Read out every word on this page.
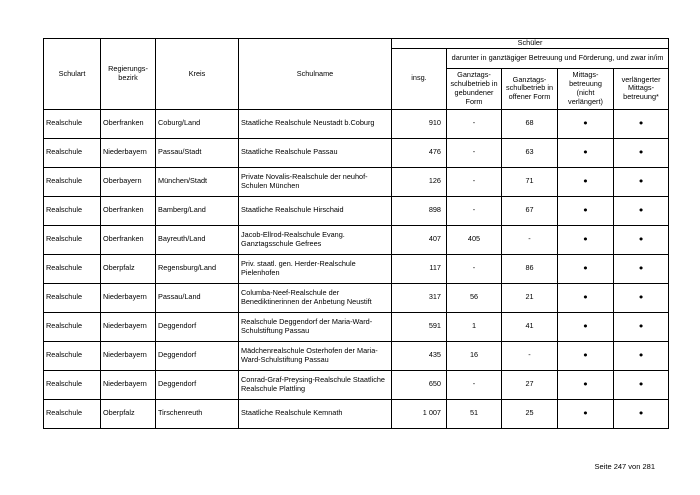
Schulart	Regierungs-
bezirk	Kreis	Schulname	Schüler				
				insg.	darunter in ganztägiger Betreuung und Förderung, und zwar in/im			
					Ganztags-
schulbetrieb in
gebundener
Form	Ganztags-
schulbetrieb in
offener Form	Mittags-
betreuung
(nicht
verlängert)	verlängerter
Mittags-
betreuung*
Realschule	Oberfranken	Coburg/Land	Staatliche Realschule Neustadt b.Coburg	910	-	68	●	●
Realschule	Niederbayern	Passau/Stadt	Staatliche Realschule Passau	476	-	63	●	●
Realschule	Oberbayern	München/Stadt	Private Novalis-Realschule der neuhof-Schulen München	126	-	71	●	●
Realschule	Oberfranken	Bamberg/Land	Staatliche Realschule Hirschaid	898	-	67	●	●
Realschule	Oberfranken	Bayreuth/Land	Jacob-Ellrod-Realschule Evang. Ganztagsschule Gefrees	407	405	-	●	●
Realschule	Oberpfalz	Regensburg/Land	Priv. staatl. gen. Herder-Realschule Pielenhofen	117	-	86	●	●
Realschule	Niederbayern	Passau/Land	Columba-Neef-Realschule der Benediktinerinnen der Anbetung Neustift	317	56	21	●	●
Realschule	Niederbayern	Deggendorf	Realschule Deggendorf der Maria-Ward-Schulstiftung Passau	591	1	41	●	●
Realschule	Niederbayern	Deggendorf	Mädchenrealschule Osterhofen der Maria-Ward-Schulstiftung Passau	435	16	-	●	●
Realschule	Niederbayern	Deggendorf	Conrad-Graf-Preysing-Realschule Staatliche Realschule Plattling	650	-	27	●	●
Realschule	Oberpfalz	Tirschenreuth	Staatliche Realschule Kemnath	1 007	51	25	●	●
Seite 247 von 281
